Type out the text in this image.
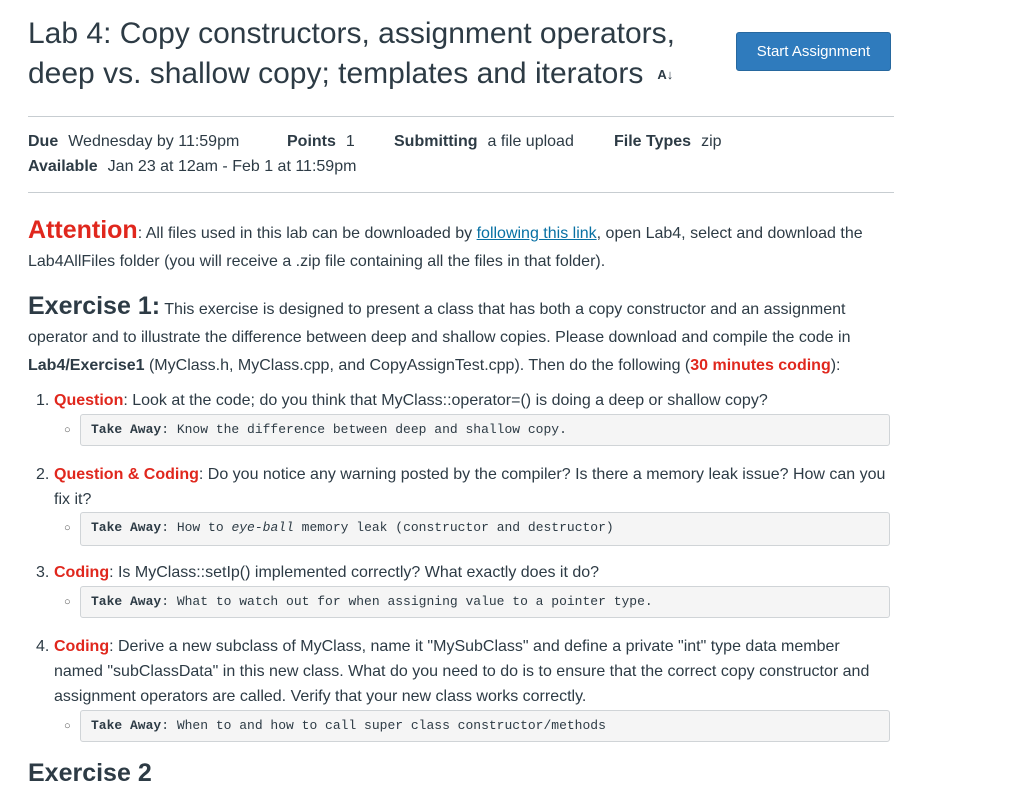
Lab 4: Copy constructors, assignment operators, deep vs. shallow copy; templates and iterators A↓
Start Assignment
Due Wednesday by 11:59pm	Points 1 Submitting a file upload	File Types zip
Available Jan 23 at 12am - Feb 1 at 11:59pm

Attention: All files used in this lab can be downloaded by following this link, open Lab4, select and download the Lab4AllFiles folder (you will receive a .zip file containing all the files in that folder).

Exercise 1: This exercise is designed to present a class that has both a copy constructor and an assignment operator and to illustrate the difference between deep and shallow copies. Please download and compile the code in Lab4/Exercise1 (MyClass.h, MyClass.cpp, and CopyAssignTest.cpp). Then do the following (30 minutes coding):

1. Question: Look at the code; do you think that MyClass::operator=() is doing a deep or shallow copy?

○	Take Away: Know the difference between deep and shallow copy.
2. Question & Coding: Do you notice any warning posted by the compiler? Is there a memory leak issue? How can you fix it?

○	Take Away: How to eye-ball memory leak (constructor and destructor)
3. Coding: Is MyClass::setIp() implemented correctly? What exactly does it do?

○	Take Away: What to watch out for when assigning value to a pointer type.
4. Coding: Derive a new subclass of MyClass, name it "MySubClass" and define a private "int" type data member named "subClassData" in this new class. What do you need to do is to ensure that the correct copy constructor and assignment operators are called. Verify that your new class works correctly.

○	Take Away: When to and how to call super class constructor/methods
Exercise 2
